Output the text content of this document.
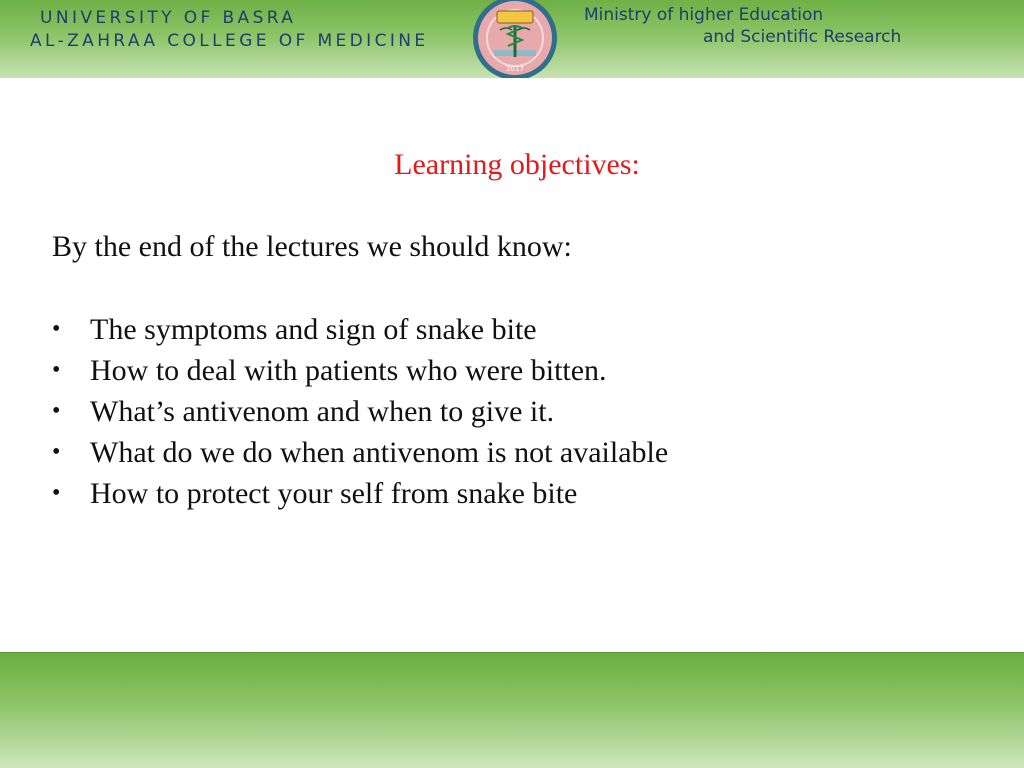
UNIVERSITY OF BASRA
AL-ZAHRAA COLLEGE OF MEDICINE
2017
Ministry of higher Education
and Scientific Research
Learning objectives:
By the end of the lectures we should know:
• The symptoms and sign of snake bite
• How to deal with patients who were bitten.
• What’s antivenom and when to give it.
• What do we do when antivenom is not available
• How to protect your self from snake bite
